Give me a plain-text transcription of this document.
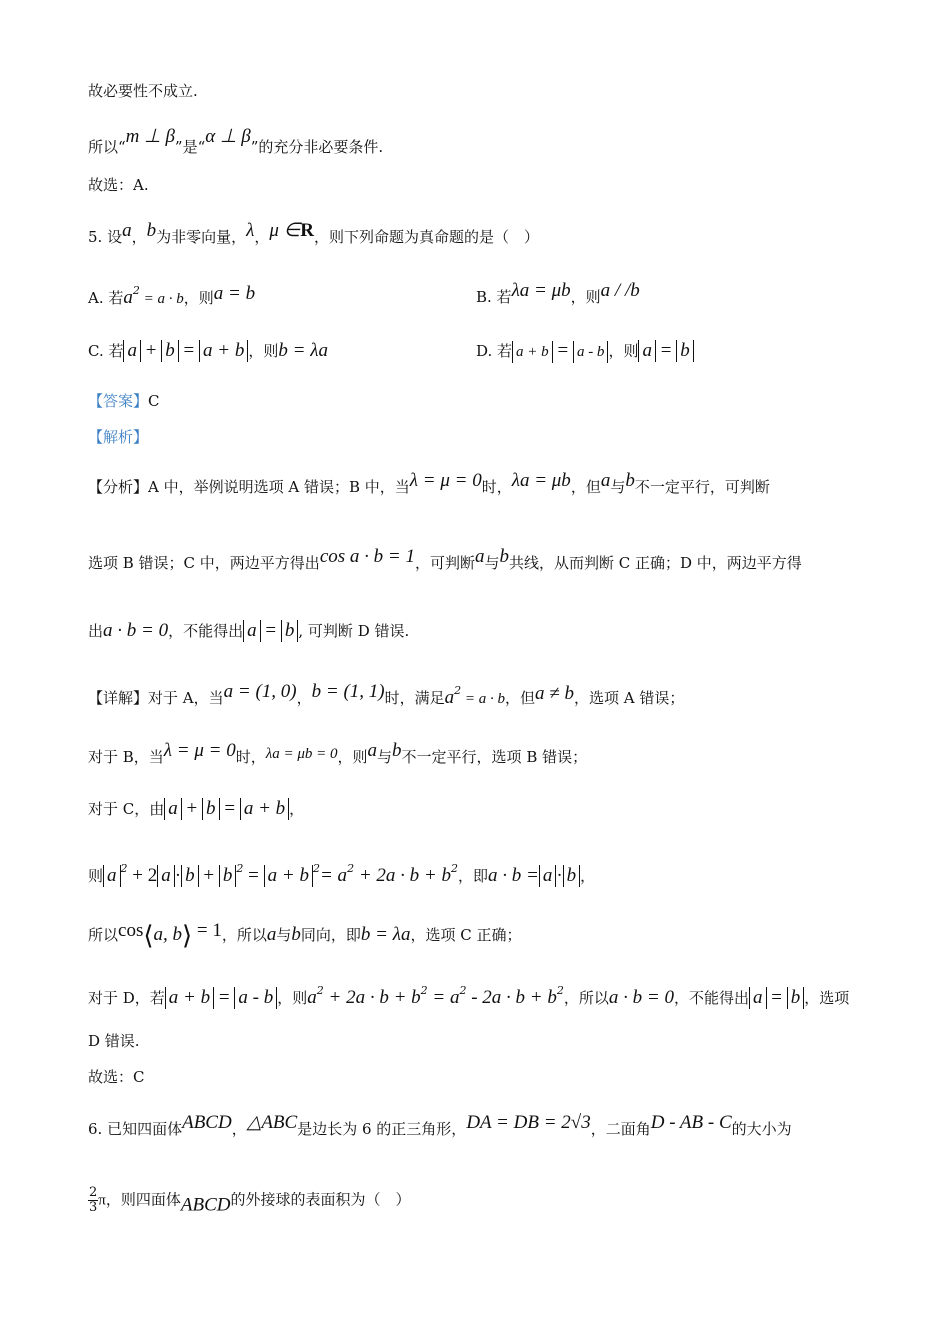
故必要性不成立.
所以“m ⊥ β”是“α ⊥ β”的充分非必要条件.
故选：A.
5. 设a，b为非零向量，λ，μ ∈R，则下列命题为真命题的是（　）
A. 若$a^2 = a \cdot b$，则a = b	B. 若λa = μb，则a / /b
C. 若 a + b = a + b ，则b = λa	D. 若 a + b = a - b ，则 a = b
【答案】C
【解析】
【分析】A 中，举例说明选项 A 错误；B 中，当λ = μ = 0时，λa = μb，但a与b不一定平行，可判断
选项 B 错误；C 中，两边平方得出cos a · b = 1，可判断a与b共线，从而判断 C 正确；D 中，两边平方得
出a · b = 0，不能得出 a = b , 可判断 D 错误.
【详解】对于 A，当a = (1, 0)，b = (1, 1)时，满足$a^2 = a \cdot b$，但a ≠ b，选项 A 错误；
对于 B，当λ = μ = 0时，λa = μb = 0，则a与b不一定平行，选项 B 错误；
对于 C，由 a + b = a + b ，
则 a $^2$ + 2 a · b + b $^2$ = a + b $^2= a^2 + 2a \cdot b + b^2$，即a · b = a · b ，
所以cos⟨a, b⟩ = 1，所以a与b同向，即b = λa，选项 C 正确；
对于 D，若 a + b = a - b ，则$a^2 + 2a \cdot b + b^2 = a^2 - 2a \cdot b + b^2$，所以a · b = 0，不能得出 a = b ，选项
D 错误.
故选：C
6. 已知四面体ABCD，△ABC是边长为 6 的正三角形，DA = DB = 2√3，二面角D - AB - C的大小为
$\frac{2}{3}$ π，则四面体ABCD的外接球的表面积为（　）
